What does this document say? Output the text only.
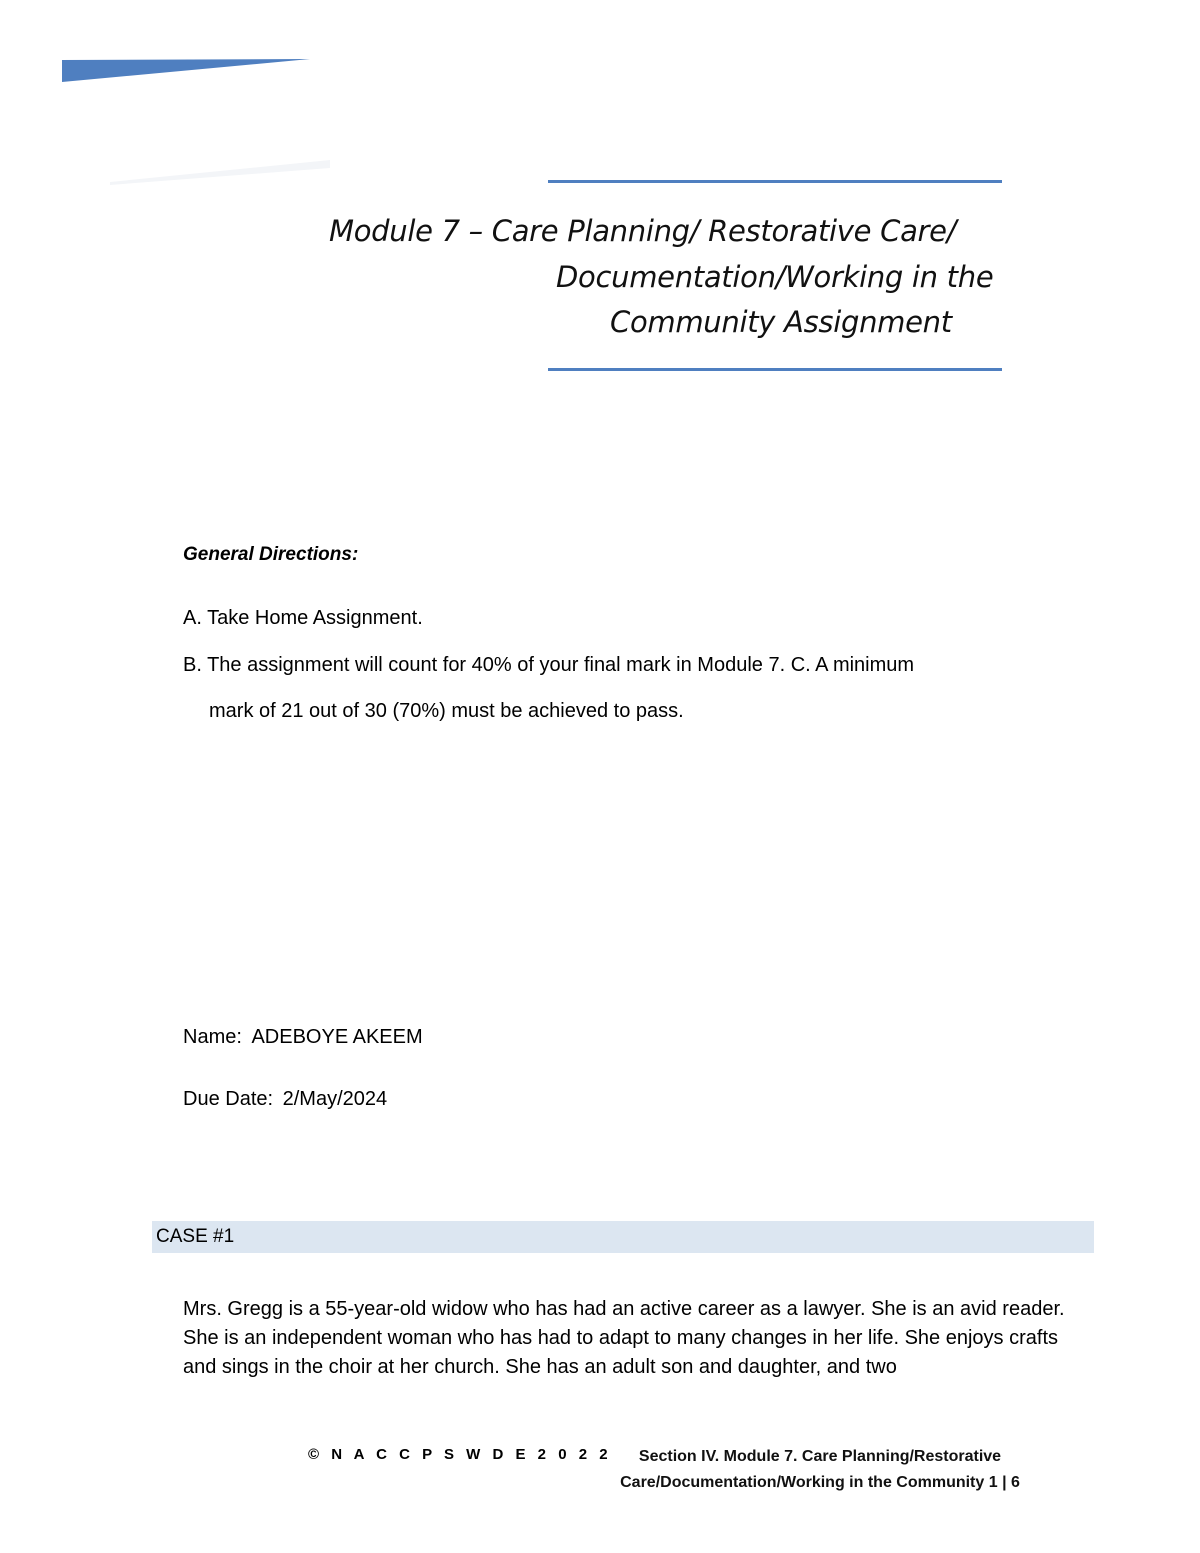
Module 7 – Care Planning/ Restorative Care/
Documentation/Working in the
Community Assignment
General Directions:
A. Take Home Assignment.
B. The assignment will count for 40% of your final mark in Module 7. C. A minimum
mark of 21 out of 30 (70%) must be achieved to pass.
Name: ADEBOYE AKEEM
Due Date: 2/May/2024
CASE #1
Mrs. Gregg is a 55-year-old widow who has had an active career as a lawyer. She is an avid reader. She is an independent woman who has had to adapt to many changes in her life. She enjoys crafts and sings in the choir at her church. She has an adult son and daughter, and two
© N A C C P S W D E 2 0 2 2	Section IV. Module 7. Care Planning/Restorative
Care/Documentation/Working in the Community 1 | 6
